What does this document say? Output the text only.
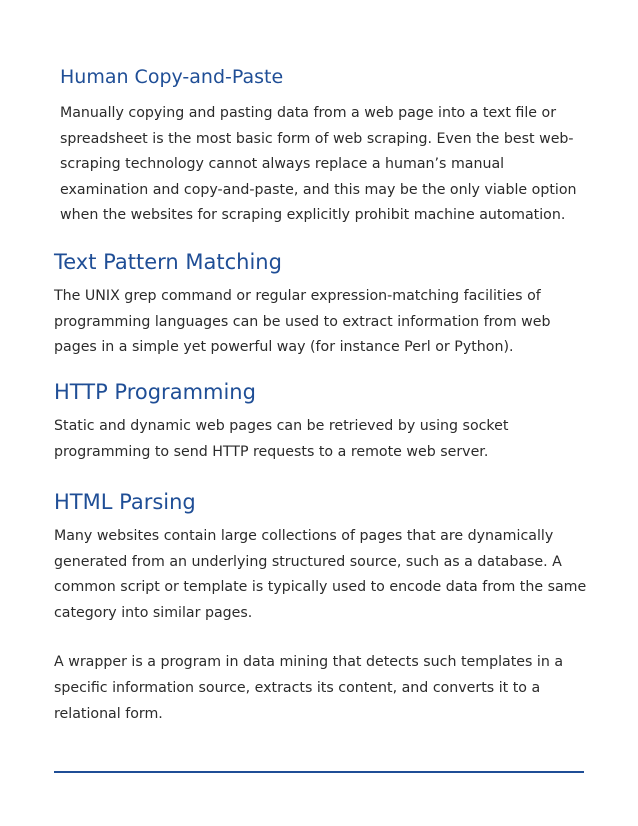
Human Copy-and-Paste

Manually copying and pasting data from a web page into a text file or spreadsheet is the most basic form of web scraping. Even the best web-scraping technology cannot always replace a human’s manual examination and copy-and-paste, and this may be the only viable option when the websites for scraping explicitly prohibit machine automation.

Text Pattern Matching

The UNIX grep command or regular expression-matching facilities of programming languages can be used to extract information from web pages in a simple yet powerful way (for instance Perl or Python).

HTTP Programming

Static and dynamic web pages can be retrieved by using socket programming to send HTTP requests to a remote web server.

HTML Parsing

Many websites contain large collections of pages that are dynamically generated from an underlying structured source, such as a database. A common script or template is typically used to encode data from the same category into similar pages.

A wrapper is a program in data mining that detects such templates in a specific information source, extracts its content, and converts it to a relational form.
